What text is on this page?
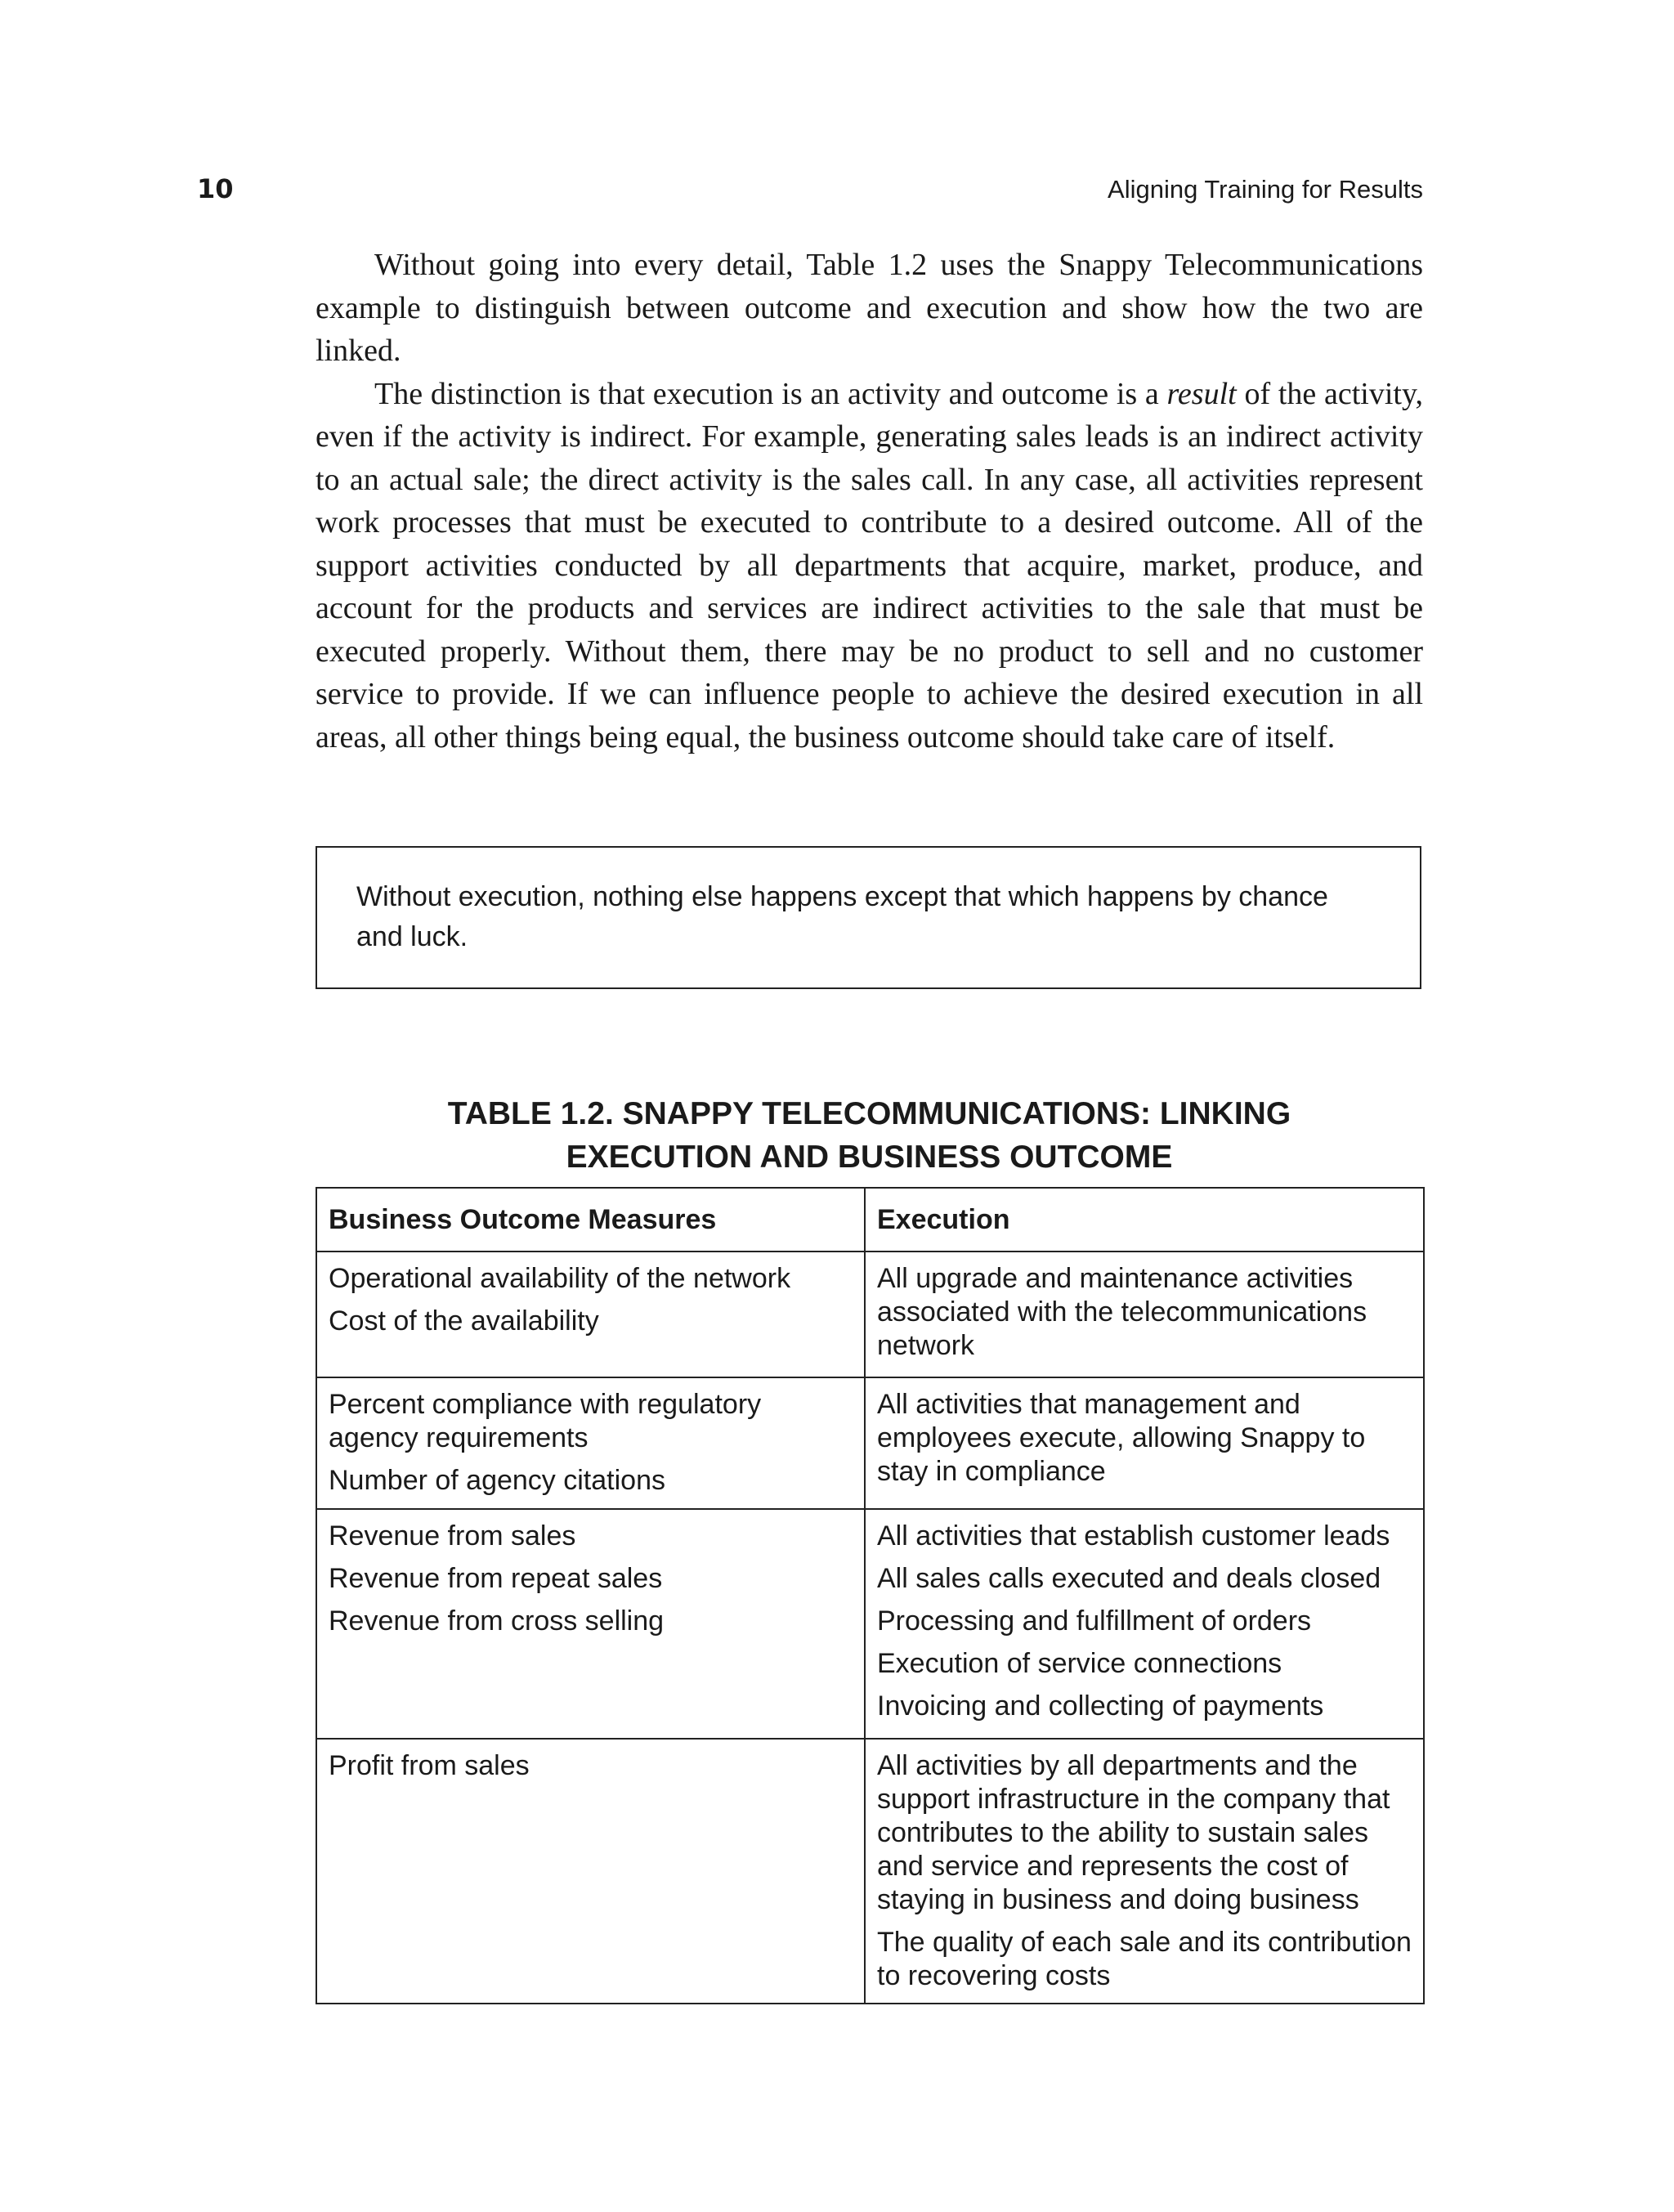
10	Aligning Training for Results

Without going into every detail, Table 1.2 uses the Snappy Telecommunications example to distinguish between outcome and execution and show how the two are linked.

The distinction is that execution is an activity and outcome is a result of the activity, even if the activity is indirect. For example, generating sales leads is an indirect activity to an actual sale; the direct activity is the sales call. In any case, all activities represent work processes that must be executed to contribute to a desired outcome. All of the support activities conducted by all departments that acquire, market, produce, and account for the products and services are indirect activities to the sale that must be executed properly. Without them, there may be no product to sell and no customer service to provide. If we can influence people to achieve the desired execution in all areas, all other things being equal, the business outcome should take care of itself.

Without execution, nothing else happens except that which happens by chance and luck.
TABLE 1.2. SNAPPY TELECOMMUNICATIONS: LINKING
EXECUTION AND BUSINESS OUTCOME
Business Outcome Measures	Execution

Operational availability of the network
Cost of the availability	All upgrade and maintenance activities associated with the telecommunications network

Percent compliance with regulatory agency requirements
Number of agency citations	All activities that management and employees execute, allowing Snappy to stay in compliance

Revenue from sales
Revenue from repeat sales
Revenue from cross selling	All activities that establish customer leads
All sales calls executed and deals closed
Processing and fulfillment of orders
Execution of service connections
Invoicing and collecting of payments

Profit from sales	All activities by all departments and the support infrastructure in the company that contributes to the ability to sustain sales and service and represents the cost of staying in business and doing business
The quality of each sale and its contribution to recovering costs
